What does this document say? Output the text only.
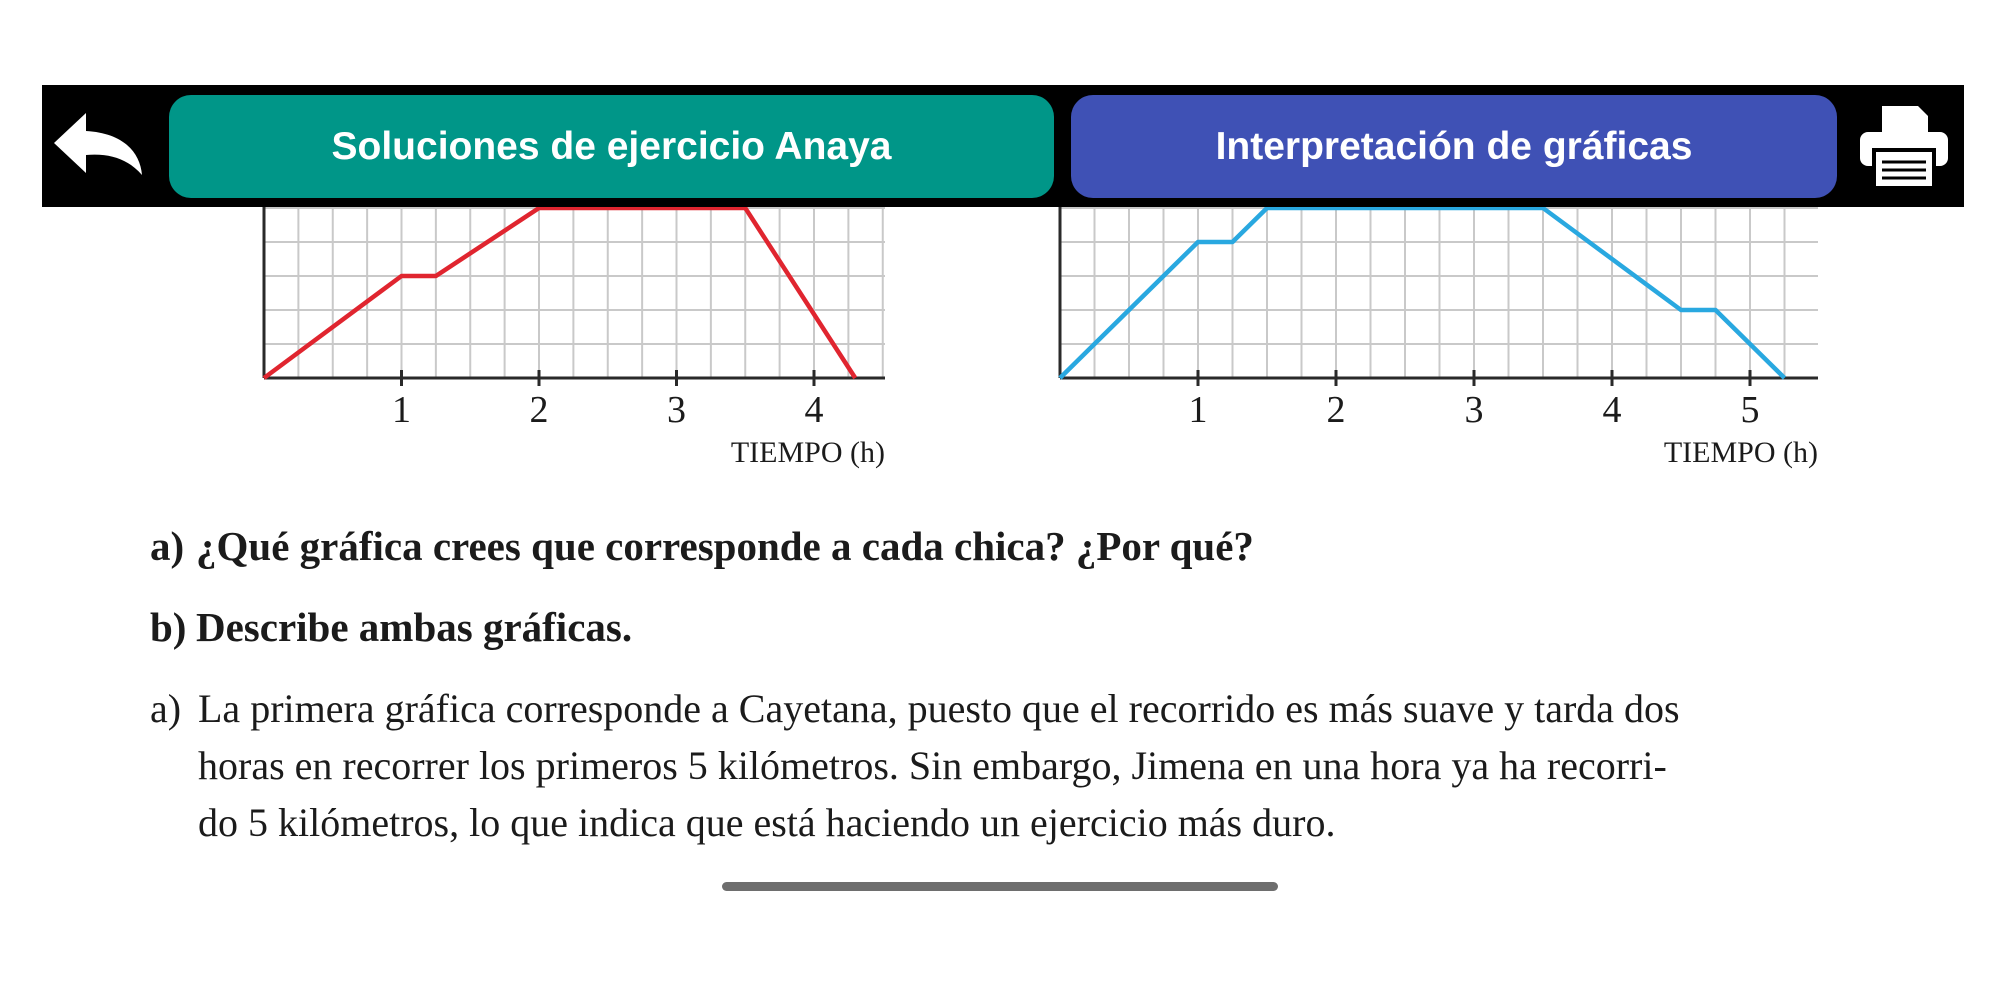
1	2	3	4
TIEMPO (h)
1	2	3	4	5
TIEMPO (h)
Soluciones de ejercicio Anaya	Interpretación de gráficas
a) ¿Qué gráfica crees que corresponde a cada chica? ¿Por qué?
b) Describe ambas gráficas.
a) La primera gráfica corresponde a Cayetana, puesto que el recorrido es más suave y tarda dos
horas en recorrer los primeros 5 kilómetros. Sin embargo, Jimena en una hora ya ha recorri-
do 5 kilómetros, lo que indica que está haciendo un ejercicio más duro.
